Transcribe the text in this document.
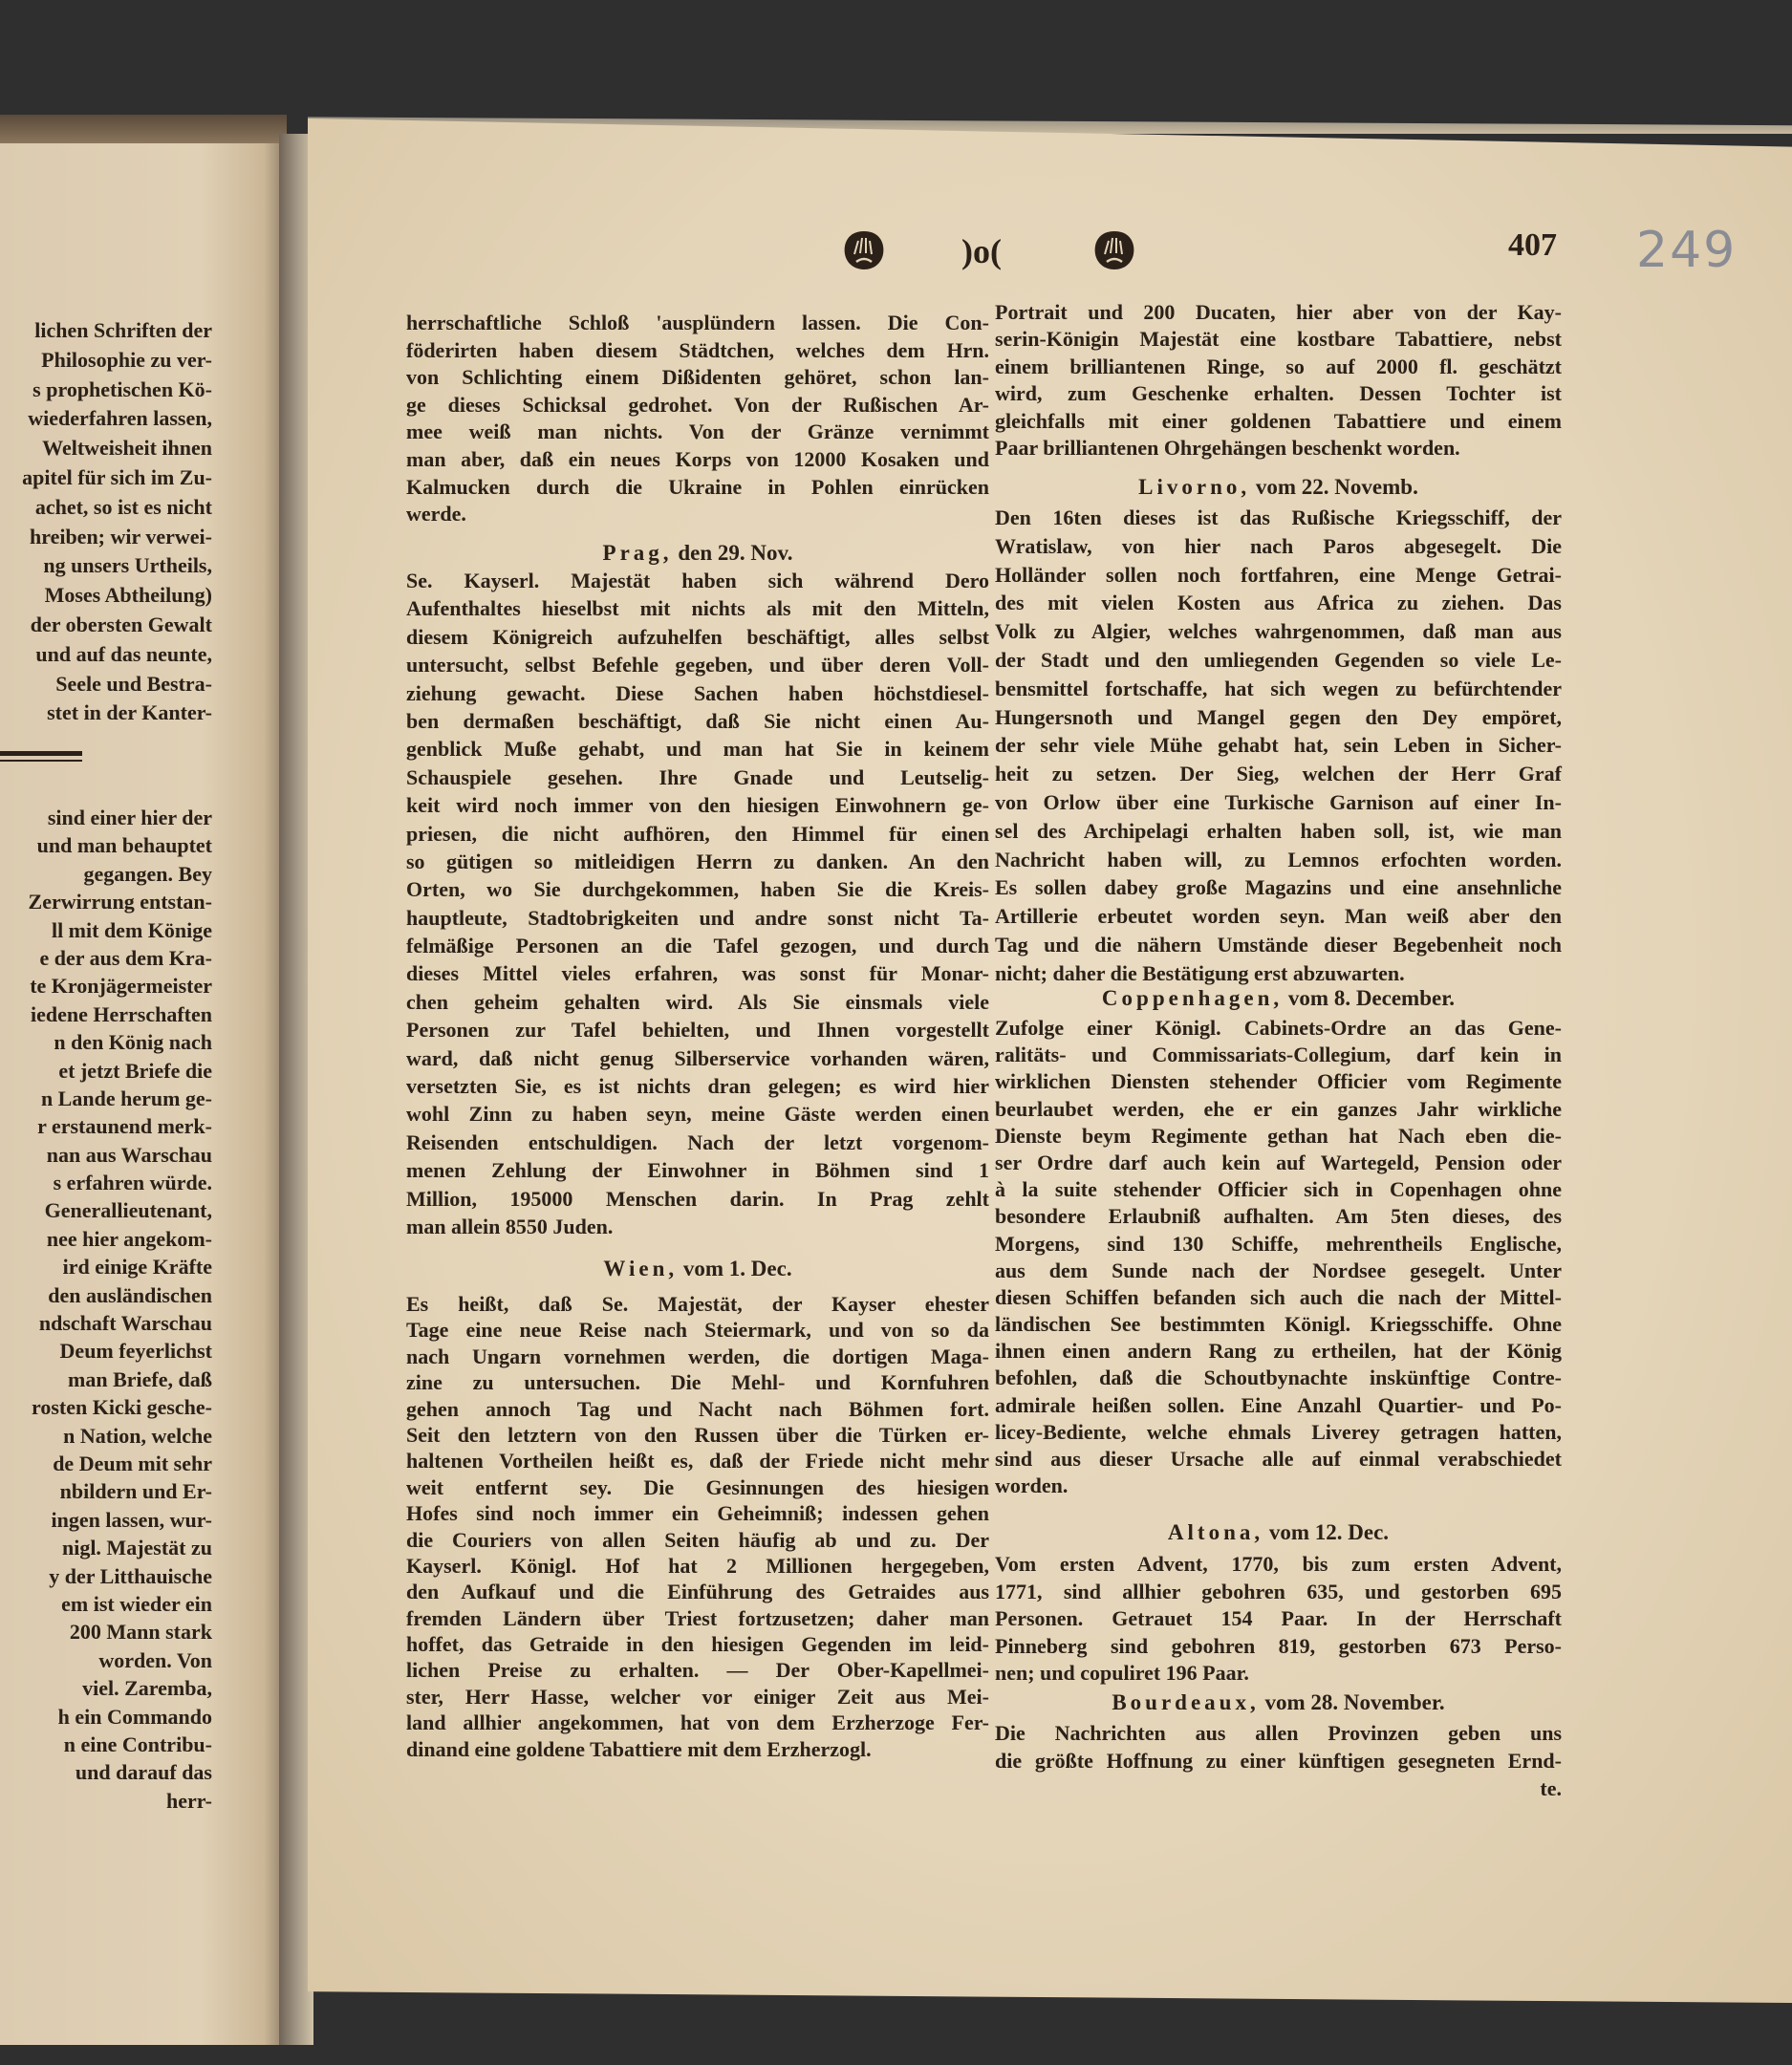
lichen Schriften der
Philosophie zu ver-
s prophetischen Kö-
wiederfahren lassen,
Weltweisheit ihnen
apitel für sich im Zu-
achet, so ist es nicht
hreiben; wir verwei-
ng unsers Urtheils,
Moses Abtheilung)
der obersten Gewalt
und auf das neunte,
Seele und Bestra-
stet in der Kanter-
sind einer hier der
und man behauptet
gegangen. Bey
Zerwirrung entstan-
ll mit dem Könige
e der aus dem Kra-
te Kronjägermeister
iedene Herrschaften
n den König nach
et jetzt Briefe die
n Lande herum ge-
r erstaunend merk-
nan aus Warschau
s erfahren würde.
Generallieutenant,
nee hier angekom-
ird einige Kräfte
den ausländischen
ndschaft Warschau
Deum feyerlichst
man Briefe, daß
rosten Kicki gesche-
n Nation, welche
de Deum mit sehr
nbildern und Er-
ingen lassen, wur-
nigl. Majestät zu
y der Litthauische
em ist wieder ein
200 Mann stark
worden. Von
viel. Zaremba,
h ein Commando
n eine Contribu-
und darauf das
herr-
)o(	407 249
herrschaftliche Schloß 'ausplündern lassen. Die Con-
föderirten haben diesem Städtchen, welches dem Hrn.
von Schlichting einem Dißidenten gehöret, schon lan-
ge dieses Schicksal gedrohet. Von der Rußischen Ar-
mee weiß man nichts. Von der Gränze vernimmt
man aber, daß ein neues Korps von 12000 Kosaken und
Kalmucken durch die Ukraine in Pohlen einrücken
werde.
Prag, den 29. Nov.
Se. Kayserl. Majestät haben sich während Dero
Aufenthaltes hieselbst mit nichts als mit den Mitteln,
diesem Königreich aufzuhelfen beschäftigt, alles selbst
untersucht, selbst Befehle gegeben, und über deren Voll-
ziehung gewacht. Diese Sachen haben höchstdiesel-
ben dermaßen beschäftigt, daß Sie nicht einen Au-
genblick Muße gehabt, und man hat Sie in keinem
Schauspiele gesehen. Ihre Gnade und Leutselig-
keit wird noch immer von den hiesigen Einwohnern ge-
priesen, die nicht aufhören, den Himmel für einen
so gütigen so mitleidigen Herrn zu danken. An den
Orten, wo Sie durchgekommen, haben Sie die Kreis-
hauptleute, Stadtobrigkeiten und andre sonst nicht Ta-
felmäßige Personen an die Tafel gezogen, und durch
dieses Mittel vieles erfahren, was sonst für Monar-
chen geheim gehalten wird. Als Sie einsmals viele
Personen zur Tafel behielten, und Ihnen vorgestellt
ward, daß nicht genug Silberservice vorhanden wären,
versetzten Sie, es ist nichts dran gelegen; es wird hier
wohl Zinn zu haben seyn, meine Gäste werden einen
Reisenden entschuldigen. Nach der letzt vorgenom-
menen Zehlung der Einwohner in Böhmen sind 1
Million, 195000 Menschen darin. In Prag zehlt
man allein 8550 Juden.
Wien, vom 1. Dec.
Es heißt, daß Se. Majestät, der Kayser ehester
Tage eine neue Reise nach Steiermark, und von so da
nach Ungarn vornehmen werden, die dortigen Maga-
zine zu untersuchen. Die Mehl- und Kornfuhren
gehen annoch Tag und Nacht nach Böhmen fort.
Seit den letztern von den Russen über die Türken er-
haltenen Vortheilen heißt es, daß der Friede nicht mehr
weit entfernt sey. Die Gesinnungen des hiesigen
Hofes sind noch immer ein Geheimniß; indessen gehen
die Couriers von allen Seiten häufig ab und zu. Der
Kayserl. Königl. Hof hat 2 Millionen hergegeben,
den Aufkauf und die Einführung des Getraides aus
fremden Ländern über Triest fortzusetzen; daher man
hoffet, das Getraide in den hiesigen Gegenden im leid-
lichen Preise zu erhalten. — Der Ober-Kapellmei-
ster, Herr Hasse, welcher vor einiger Zeit aus Mei-
land allhier angekommen, hat von dem Erzherzoge Fer-
dinand eine goldene Tabattiere mit dem Erzherzogl.
Portrait und 200 Ducaten, hier aber von der Kay-
serin-Königin Majestät eine kostbare Tabattiere, nebst
einem brilliantenen Ringe, so auf 2000 fl. geschätzt
wird, zum Geschenke erhalten. Dessen Tochter ist
gleichfalls mit einer goldenen Tabattiere und einem
Paar brilliantenen Ohrgehängen beschenkt worden.
Livorno, vom 22. Novemb.
Den 16ten dieses ist das Rußische Kriegsschiff, der
Wratislaw, von hier nach Paros abgesegelt. Die
Holländer sollen noch fortfahren, eine Menge Getrai-
des mit vielen Kosten aus Africa zu ziehen. Das
Volk zu Algier, welches wahrgenommen, daß man aus
der Stadt und den umliegenden Gegenden so viele Le-
bensmittel fortschaffe, hat sich wegen zu befürchtender
Hungersnoth und Mangel gegen den Dey empöret,
der sehr viele Mühe gehabt hat, sein Leben in Sicher-
heit zu setzen. Der Sieg, welchen der Herr Graf
von Orlow über eine Turkische Garnison auf einer In-
sel des Archipelagi erhalten haben soll, ist, wie man
Nachricht haben will, zu Lemnos erfochten worden.
Es sollen dabey große Magazins und eine ansehnliche
Artillerie erbeutet worden seyn. Man weiß aber den
Tag und die nähern Umstände dieser Begebenheit noch
nicht; daher die Bestätigung erst abzuwarten.
Coppenhagen, vom 8. December.
Zufolge einer Königl. Cabinets-Ordre an das Gene-
ralitäts- und Commissariats-Collegium, darf kein in
wirklichen Diensten stehender Officier vom Regimente
beurlaubet werden, ehe er ein ganzes Jahr wirkliche
Dienste beym Regimente gethan hat Nach eben die-
ser Ordre darf auch kein auf Wartegeld, Pension oder
à la suite stehender Officier sich in Copenhagen ohne
besondere Erlaubniß aufhalten. Am 5ten dieses, des
Morgens, sind 130 Schiffe, mehrentheils Englische,
aus dem Sunde nach der Nordsee gesegelt. Unter
diesen Schiffen befanden sich auch die nach der Mittel-
ländischen See bestimmten Königl. Kriegsschiffe. Ohne
ihnen einen andern Rang zu ertheilen, hat der König
befohlen, daß die Schoutbynachte inskünftige Contre-
admirale heißen sollen. Eine Anzahl Quartier- und Po-
licey-Bediente, welche ehmals Liverey getragen hatten,
sind aus dieser Ursache alle auf einmal verabschiedet
worden.
Altona, vom 12. Dec.
Vom ersten Advent, 1770, bis zum ersten Advent,
1771, sind allhier gebohren 635, und gestorben 695
Personen. Getrauet 154 Paar. In der Herrschaft
Pinneberg sind gebohren 819, gestorben 673 Perso-
nen; und copuliret 196 Paar.
Bourdeaux, vom 28. November.
Die Nachrichten aus allen Provinzen geben uns
die größte Hoffnung zu einer künftigen gesegneten Ernd-
te.
